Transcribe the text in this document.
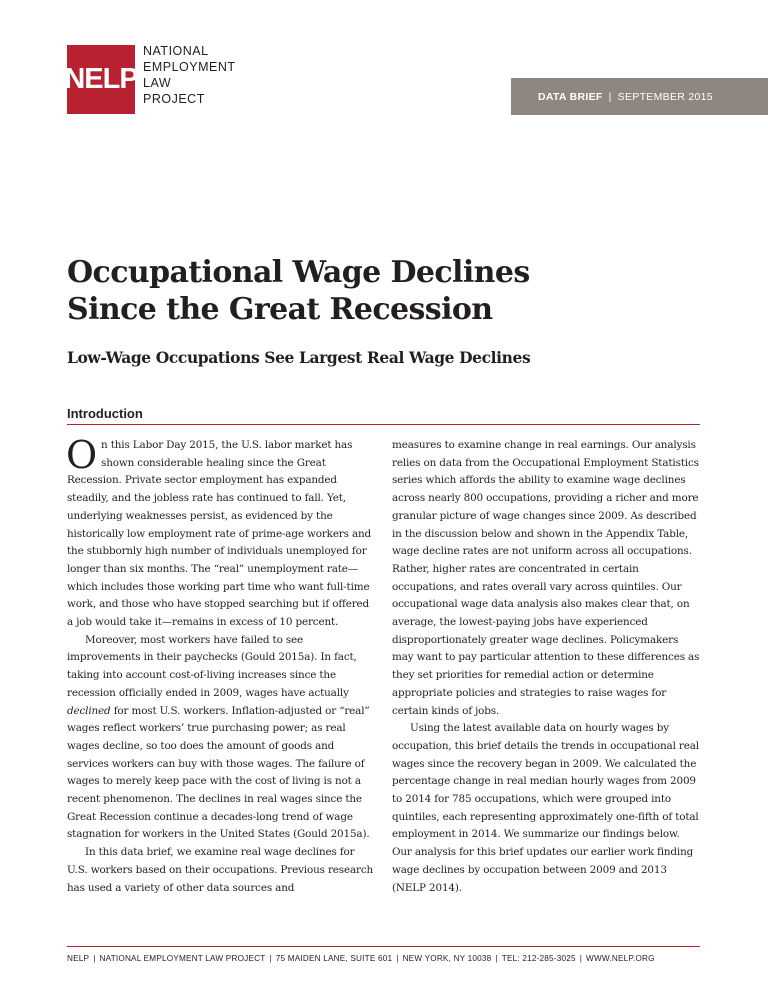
NELP
NATIONAL
EMPLOYMENT
LAW
PROJECT	DATA BRIEF | SEPTEMBER 2015
Occupational Wage Declines
Since the Great Recession
Low-Wage Occupations See Largest Real Wage Declines
Introduction

On this Labor Day 2015, the U.S. labor market has shown considerable healing since the Great Recession. Private sector employment has expanded steadily, and the jobless rate has continued to fall. Yet, underlying weaknesses persist, as evidenced by the historically low employment rate of prime-age workers and the stubbornly high number of individuals unemployed for longer than six months. The “real” unemployment rate—which includes those working part time who want full-time work, and those who have stopped searching but if offered a job would take it—remains in excess of 10 percent.

Moreover, most workers have failed to see improvements in their paychecks (Gould 2015a). In fact, taking into account cost-of-living increases since the recession officially ended in 2009, wages have actually declined for most U.S. workers. Inflation-adjusted or “real” wages reflect workers’ true purchasing power; as real wages decline, so too does the amount of goods and services workers can buy with those wages. The failure of wages to merely keep pace with the cost of living is not a recent phenomenon. The declines in real wages since the Great Recession continue a decades-long trend of wage stagnation for workers in the United States (Gould 2015a).

In this data brief, we examine real wage declines for U.S. workers based on their occupations. Previous research has used a variety of other data sources and

measures to examine change in real earnings. Our analysis relies on data from the Occupational Employment Statistics series which affords the ability to examine wage declines across nearly 800 occupations, providing a richer and more granular picture of wage changes since 2009. As described in the discussion below and shown in the Appendix Table, wage decline rates are not uniform across all occupations. Rather, higher rates are concentrated in certain occupations, and rates overall vary across quintiles. Our occupational wage data analysis also makes clear that, on average, the lowest-paying jobs have experienced disproportionately greater wage declines. Policymakers may want to pay particular attention to these differences as they set priorities for remedial action or determine appropriate policies and strategies to raise wages for certain kinds of jobs.

Using the latest available data on hourly wages by occupation, this brief details the trends in occupational real wages since the recovery began in 2009. We calculated the percentage change in real median hourly wages from 2009 to 2014 for 785 occupations, which were grouped into quintiles, each representing approximately one-fifth of total employment in 2014. We summarize our findings below. Our analysis for this brief updates our earlier work finding wage declines by occupation between 2009 and 2013 (NELP 2014).

NELP | NATIONAL EMPLOYMENT LAW PROJECT | 75 MAIDEN LANE, SUITE 601 | NEW YORK, NY 10038 | TEL: 212-285-3025 | WWW.NELP.ORG
